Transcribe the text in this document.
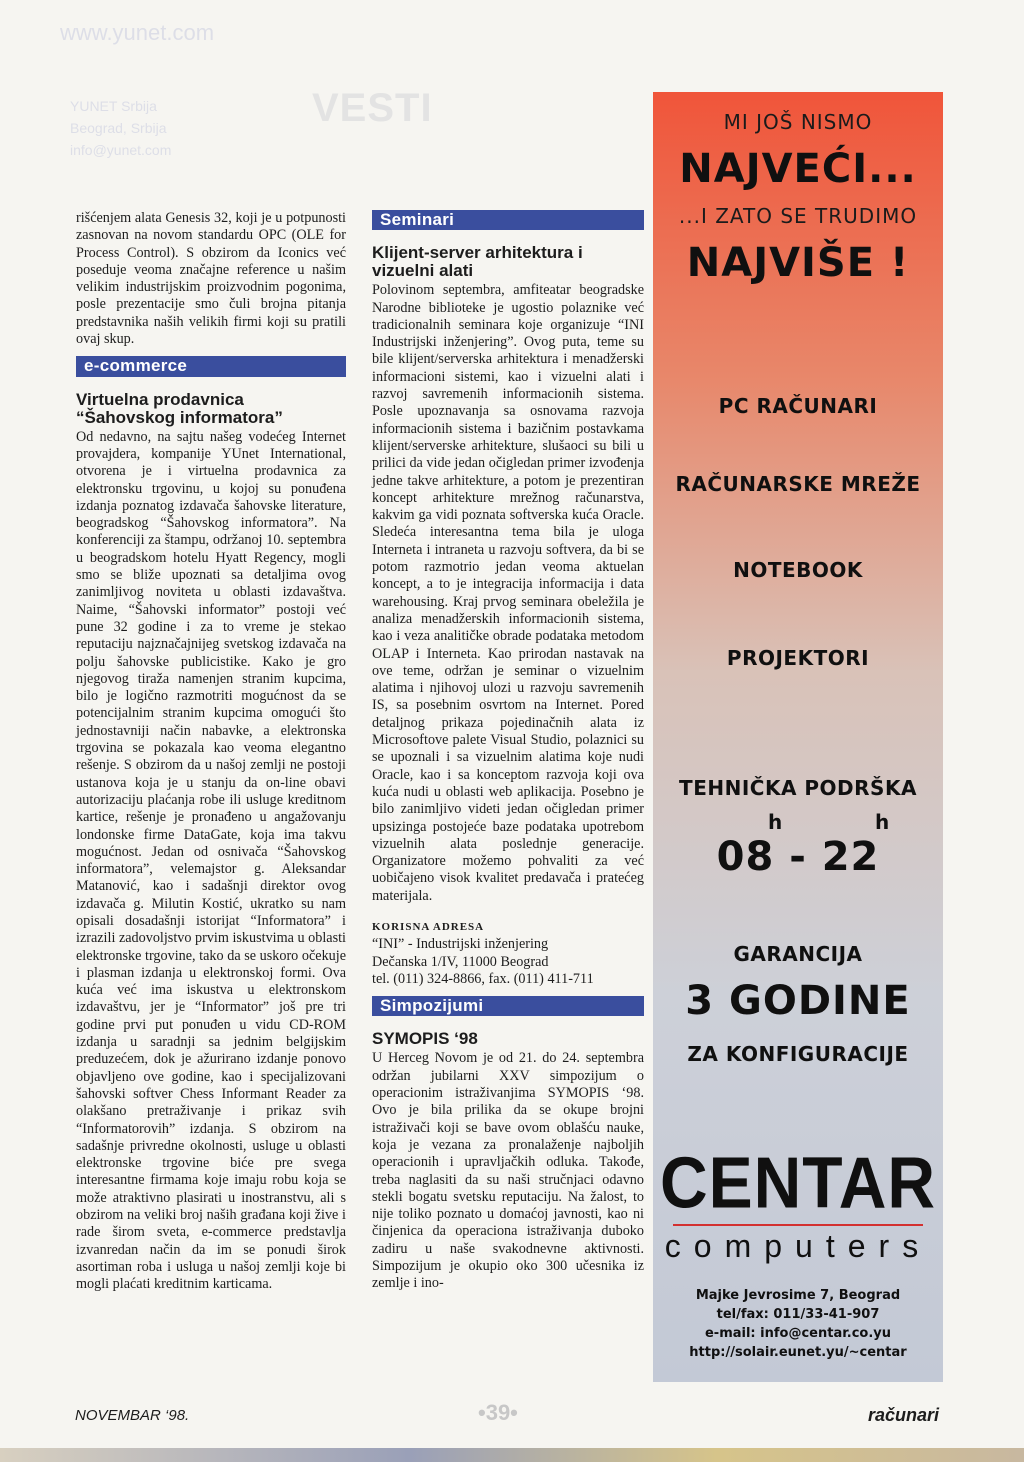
www.yunet.com
YUNET Srbija
Beograd, Srbija
info@yunet.com
VESTI

rišćenjem alata Genesis 32, koji je u potpunosti zasnovan na novom standardu OPC (OLE for Process Control). S obzirom da Iconics već poseduje veoma značajne reference u našim velikim industrijskim proizvodnim pogonima, posle prezentacije smo čuli brojna pitanja predstavnika naših velikih firmi koji su pratili ovaj skup.

e-commerce
Virtuelna prodavnica “Šahovskog informatora”

Od nedavno, na sajtu našeg vodećeg Internet provajdera, kompanije YUnet International, otvorena je i virtuelna prodavnica za elektronsku trgovinu, u kojoj su ponuđena izdanja poznatog izdavača šahovske literature, beogradskog “Šahovskog informatora”. Na konferenciji za štampu, održanoj 10. septembra u beogradskom hotelu Hyatt Regency, mogli smo se bliže upoznati sa detaljima ovog zanimljivog noviteta u oblasti izdavaštva. Naime, “Šahovski informator” postoji već pune 32 godine i za to vreme je stekao reputaciju najznačajnijeg svetskog izdavača na polju šahovske publicistike. Kako je gro njegovog tiraža namenjen stranim kupcima, bilo je logično razmotriti mogućnost da se potencijalnim stranim kupcima omogući što jednostavniji način nabavke, a elektronska trgovina se pokazala kao veoma elegantno rešenje. S obzirom da u našoj zemlji ne postoji ustanova koja je u stanju da on-line obavi autorizaciju plaćanja robe ili usluge kreditnom kartice, rešenje je pronađeno u angažovanju londonske firme DataGate, koja ima takvu mogućnost. Jedan od osnivača “Šahovskog informatora”, velemajstor g. Aleksandar Matanović, kao i sadašnji direktor ovog izdavača g. Milutin Kostić, ukratko su nam opisali dosadašnji istorijat “Informatora” i izrazili zadovoljstvo prvim iskustvima u oblasti elektronske trgovine, tako da se uskoro očekuje i plasman izdanja u elektronskoj formi. Ova kuća već ima iskustva u elektronskom izdavaštvu, jer je “Informator” još pre tri godine prvi put ponuđen u vidu CD-ROM izdanja u saradnji sa jednim belgijskim preduzećem, dok je ažurirano izdanje ponovo objavljeno ove godine, kao i specijalizovani šahovski softver Chess Informant Reader za olakšano pretraživanje i prikaz svih “Informatorovih” izdanja. S obzirom na sadašnje privredne okolnosti, usluge u oblasti elektronske trgovine biće pre svega interesantne firmama koje imaju robu koja se može atraktivno plasirati u inostranstvu, ali s obzirom na veliki broj naših građana koji žive i rade širom sveta, e-commerce predstavlja izvanredan način da im se ponudi širok asortiman roba i usluga u našoj zemlji koje bi mogli plaćati kreditnim karticama.

Seminari
Klijent-server arhitektura i vizuelni alati

Polovinom septembra, amfiteatar beogradske Narodne biblioteke je ugostio polaznike već tradicionalnih seminara koje organizuje “INI Industrijski inženjering”. Ovog puta, teme su bile klijent/serverska arhitektura i menadžerski informacioni sistemi, kao i vizuelni alati i razvoj savremenih informacionih sistema. Posle upoznavanja sa osnovama razvoja informacionih sistema i bazičnim postavkama klijent/serverske arhitekture, slušaoci su bili u prilici da vide jedan očigledan primer izvođenja jedne takve arhitekture, a potom je prezentiran koncept arhitekture mrežnog računarstva, kakvim ga vidi poznata softverska kuća Oracle. Sledeća interesantna tema bila je uloga Interneta i intraneta u razvoju softvera, da bi se potom razmotrio jedan veoma aktuelan koncept, a to je integracija informacija i data warehousing. Kraj prvog seminara obeležila je analiza menadžerskih informacionih sistema, kao i veza analitičke obrade podataka metodom OLAP i Interneta. Kao prirodan nastavak na ove teme, održan je seminar o vizuelnim alatima i njihovoj ulozi u razvoju savremenih IS, sa posebnim osvrtom na Internet. Pored detaljnog prikaza pojedinačnih alata iz Microsoftove palete Visual Studio, polaznici su se upoznali i sa vizuelnim alatima koje nudi Oracle, kao i sa konceptom razvoja koji ova kuća nudi u oblasti web aplikacija. Posebno je bilo zanimljivo videti jedan očigledan primer upsizinga postojeće baze podataka upotrebom vizuelnih alata poslednje generacije. Organizatore možemo pohvaliti za već uobičajeno visok kvalitet predavača i pratećeg materijala.

KORISNA ADRESA
“INI” - Industrijski inženjering
Dečanska 1/IV, 11000 Beograd
tel. (011) 324-8866, fax. (011) 411-711
Simpozijumi
SYMOPIS ‘98

U Herceg Novom je od 21. do 24. septembra održan jubilarni XXV simpozijum o operacionim istraživanjima SYMOPIS ‘98. Ovo je bila prilika da se okupe brojni istraživači koji se bave ovom oblašću nauke, koja je vezana za pronalaženje najboljih operacionih i upravljačkih odluka. Takođe, treba naglasiti da su naši stručnjaci odavno stekli bogatu svetsku reputaciju. Na žalost, to nije toliko poznato u domaćoj javnosti, kao ni činjenica da operaciona istraživanja duboko zadiru u naše svakodnevne aktivnosti. Simpozijum je okupio oko 300 učesnika iz zemlje i ino-

MI JOŠ NISMO
NAJVEĆI...
...I ZATO SE TRUDIMO
NAJVIŠE !
PC RAČUNARI
RAČUNARSKE MREŽE
NOTEBOOK
PROJEKTORI
TEHNIČKA PODRŠKA
h	h
08 - 22
GARANCIJA
3 GODINE
ZA KONFIGURACIJE
CENTAR
computers
Majke Jevrosime 7, Beograd
tel/fax: 011/33-41-907
e-mail: info@centar.co.yu
http://solair.eunet.yu/~centar
NOVEMBAR ‘98.	•39•	računari
